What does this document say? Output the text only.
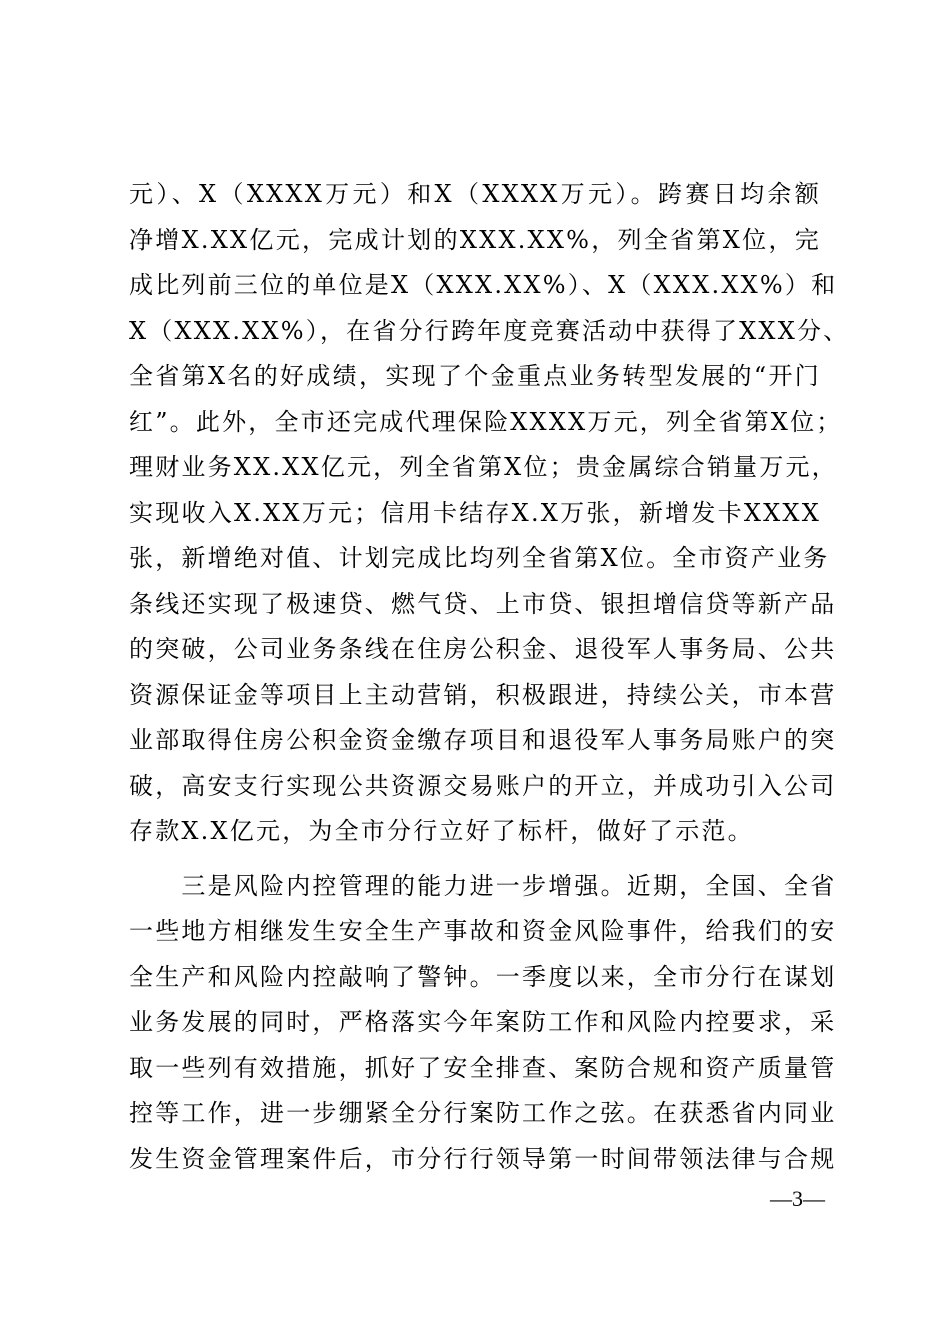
元）、X（XXXX万元）和X（XXXX万元）。跨赛日均余额
净增X.XX亿元，完成计划的XXX.XX%，列全省第X位，完
成比列前三位的单位是X（XXX.XX%）、X（XXX.XX%）和
X（XXX.XX%），在省分行跨年度竞赛活动中获得了XXX分、
全省第X名的好成绩，实现了个金重点业务转型发展的“开门
红”。此外，全市还完成代理保险XXXX万元，列全省第X位；
理财业务XX.XX亿元，列全省第X位；贵金属综合销量万元，
实现收入X.XX万元；信用卡结存X.X万张，新增发卡XXXX
张，新增绝对值、计划完成比均列全省第X位。全市资产业务
条线还实现了极速贷、燃气贷、上市贷、银担增信贷等新产品
的突破，公司业务条线在住房公积金、退役军人事务局、公共
资源保证金等项目上主动营销，积极跟进，持续公关，市本营
业部取得住房公积金资金缴存项目和退役军人事务局账户的突
破，高安支行实现公共资源交易账户的开立，并成功引入公司
存款X.X亿元，为全市分行立好了标杆，做好了示范。
　　三是风险内控管理的能力进一步增强。近期，全国、全省
一些地方相继发生安全生产事故和资金风险事件，给我们的安
全生产和风险内控敲响了警钟。一季度以来，全市分行在谋划
业务发展的同时，严格落实今年案防工作和风险内控要求，采
取一些列有效措施，抓好了安全排查、案防合规和资产质量管
控等工作，进一步绷紧全分行案防工作之弦。在获悉省内同业
发生资金管理案件后，市分行行领导第一时间带领法律与合规
—3—
